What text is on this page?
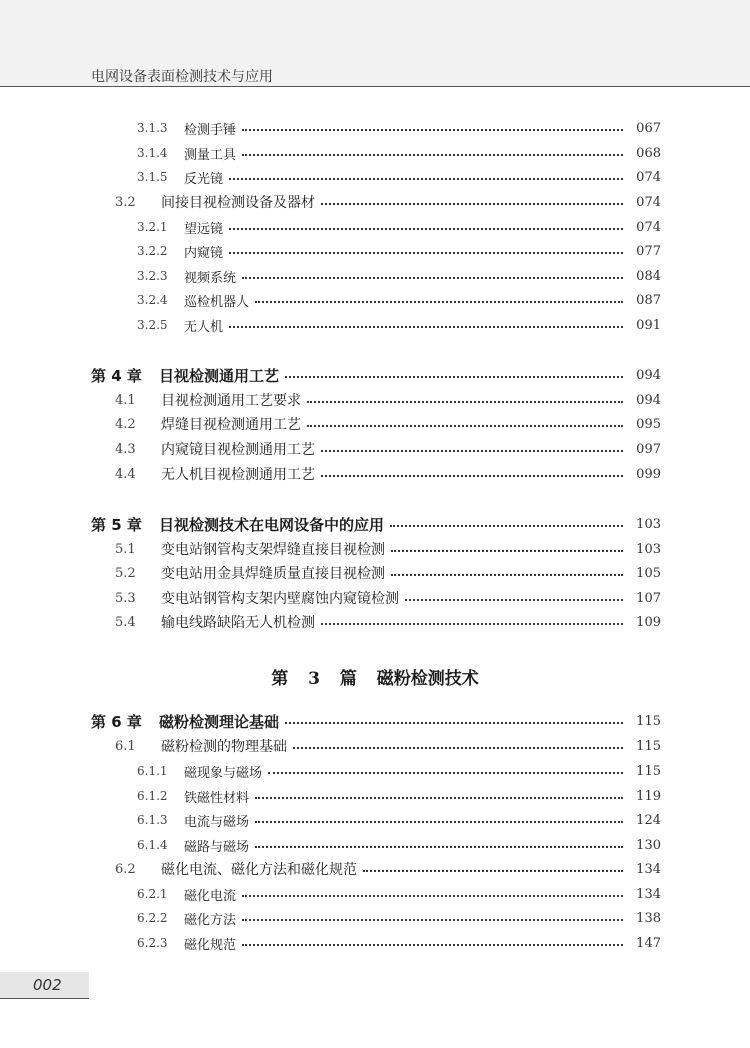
电网设备表面检测技术与应用
3.1.3	检测手锤	067
3.1.4	测量工具	068
3.1.5	反光镜	074
3.2	间接目视检测设备及器材	074
3.2.1	望远镜	074
3.2.2	内窥镜	077
3.2.3	视频系统	084
3.2.4	巡检机器人	087
3.2.5	无人机	091
第 4 章	目视检测通用工艺	094
4.1	目视检测通用工艺要求	094
4.2	焊缝目视检测通用工艺	095
4.3	内窥镜目视检测通用工艺	097
4.4	无人机目视检测通用工艺	099
第 5 章	目视检测技术在电网设备中的应用	103
5.1	变电站钢管构支架焊缝直接目视检测	103
5.2	变电站用金具焊缝质量直接目视检测	105
5.3	变电站钢管构支架内壁腐蚀内窥镜检测	107
5.4	输电线路缺陷无人机检测	109
第 3 篇 磁粉检测技术
第 6 章	磁粉检测理论基础	115
6.1	磁粉检测的物理基础	115
6.1.1	磁现象与磁场	115
6.1.2	铁磁性材料	119
6.1.3	电流与磁场	124
6.1.4	磁路与磁场	130
6.2	磁化电流、磁化方法和磁化规范	134
6.2.1	磁化电流	134
6.2.2	磁化方法	138
6.2.3	磁化规范	147
002
